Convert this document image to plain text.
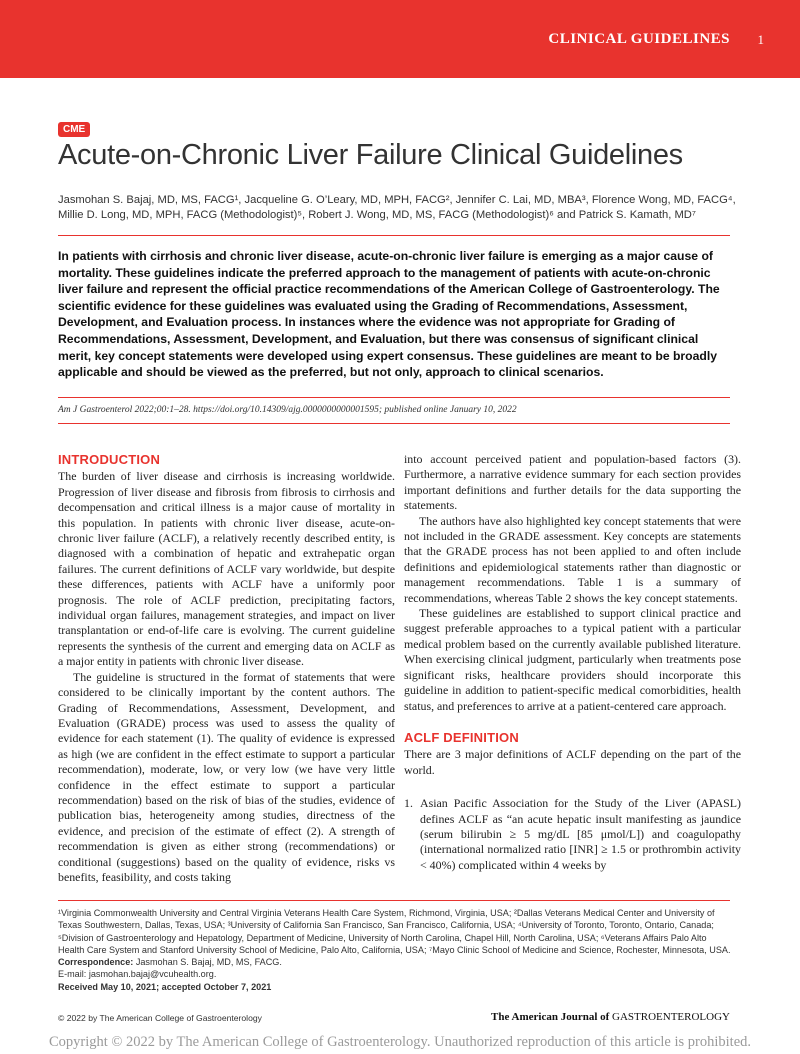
CLINICAL GUIDELINES 1
CME
Acute-on-Chronic Liver Failure Clinical Guidelines
Jasmohan S. Bajaj, MD, MS, FACG¹, Jacqueline G. O’Leary, MD, MPH, FACG², Jennifer C. Lai, MD, MBA³, Florence Wong, MD, FACG⁴,
Millie D. Long, MD, MPH, FACG (Methodologist)⁵, Robert J. Wong, MD, MS, FACG (Methodologist)⁶ and Patrick S. Kamath, MD⁷
In patients with cirrhosis and chronic liver disease, acute-on-chronic liver failure is emerging as a major cause of mortality. These guidelines indicate the preferred approach to the management of patients with acute-on-chronic liver failure and represent the official practice recommendations of the American College of Gastroenterology. The scientific evidence for these guidelines was evaluated using the Grading of Recommendations, Assessment, Development, and Evaluation process. In instances where the evidence was not appropriate for Grading of Recommendations, Assessment, Development, and Evaluation, but there was consensus of significant clinical merit, key concept statements were developed using expert consensus. These guidelines are meant to be broadly applicable and should be viewed as the preferred, but not only, approach to clinical scenarios.
Am J Gastroenterol 2022;00:1–28. https://doi.org/10.14309/ajg.0000000000001595; published online January 10, 2022
INTRODUCTION

The burden of liver disease and cirrhosis is increasing worldwide. Progression of liver disease and fibrosis from fibrosis to cirrhosis and decompensation and critical illness is a major cause of mortality in this population. In patients with chronic liver disease, acute-on-chronic liver failure (ACLF), a relatively recently described entity, is diagnosed with a combination of hepatic and extrahepatic organ failures. The current definitions of ACLF vary worldwide, but despite these differences, patients with ACLF have a uniformly poor prognosis. The role of ACLF prediction, precipitating factors, individual organ failures, management strategies, and impact on liver transplantation or end-of-life care is evolving. The current guideline represents the synthesis of the current and emerging data on ACLF as a major entity in patients with chronic liver disease.

The guideline is structured in the format of statements that were considered to be clinically important by the content authors. The Grading of Recommendations, Assessment, Development, and Evaluation (GRADE) process was used to assess the quality of evidence for each statement (1). The quality of evidence is expressed as high (we are confident in the effect estimate to support a particular recommendation), moderate, low, or very low (we have very little confidence in the effect estimate to support a particular recommendation) based on the risk of bias of the studies, evidence of publication bias, heterogeneity among studies, directness of the evidence, and precision of the estimate of effect (2). A strength of recommendation is given as either strong (recommendations) or conditional (suggestions) based on the quality of evidence, risks vs benefits, feasibility, and costs taking

into account perceived patient and population-based factors (3). Furthermore, a narrative evidence summary for each section provides important definitions and further details for the data supporting the statements.

The authors have also highlighted key concept statements that were not included in the GRADE assessment. Key concepts are statements that the GRADE process has not been applied to and often include definitions and epidemiological statements rather than diagnostic or management recommendations. Table 1 is a summary of recommendations, whereas Table 2 shows the key concept statements.

These guidelines are established to support clinical practice and suggest preferable approaches to a typical patient with a particular medical problem based on the currently available published literature. When exercising clinical judgment, particularly when treatments pose significant risks, healthcare providers should incorporate this guideline in addition to patient-specific medical comorbidities, health status, and preferences to arrive at a patient-centered care approach.

ACLF DEFINITION

There are 3 major definitions of ACLF depending on the part of the world.

1. Asian Pacific Association for the Study of the Liver (APASL) defines ACLF as “an acute hepatic insult manifesting as jaundice (serum bilirubin ≥ 5 mg/dL [85 μmol/L]) and coagulopathy (international normalized ratio [INR] ≥ 1.5 or prothrombin activity < 40%) complicated within 4 weeks by
¹Virginia Commonwealth University and Central Virginia Veterans Health Care System, Richmond, Virginia, USA; ²Dallas Veterans Medical Center and University of Texas Southwestern, Dallas, Texas, USA; ³University of California San Francisco, San Francisco, California, USA; ⁴University of Toronto, Toronto, Ontario, Canada; ⁵Division of Gastroenterology and Hepatology, Department of Medicine, University of North Carolina, Chapel Hill, North Carolina, USA; ⁶Veterans Affairs Palo Alto Health Care System and Stanford University School of Medicine, Palo Alto, California, USA; ⁷Mayo Clinic School of Medicine and Science, Rochester, Minnesota, USA.
Correspondence: Jasmohan S. Bajaj, MD, MS, FACG.
E-mail: jasmohan.bajaj@vcuhealth.org.
Received May 10, 2021; accepted October 7, 2021
© 2022 by The American College of Gastroenterology	The American Journal of GASTROENTEROLOGY
Copyright © 2022 by The American College of Gastroenterology. Unauthorized reproduction of this article is prohibited.
